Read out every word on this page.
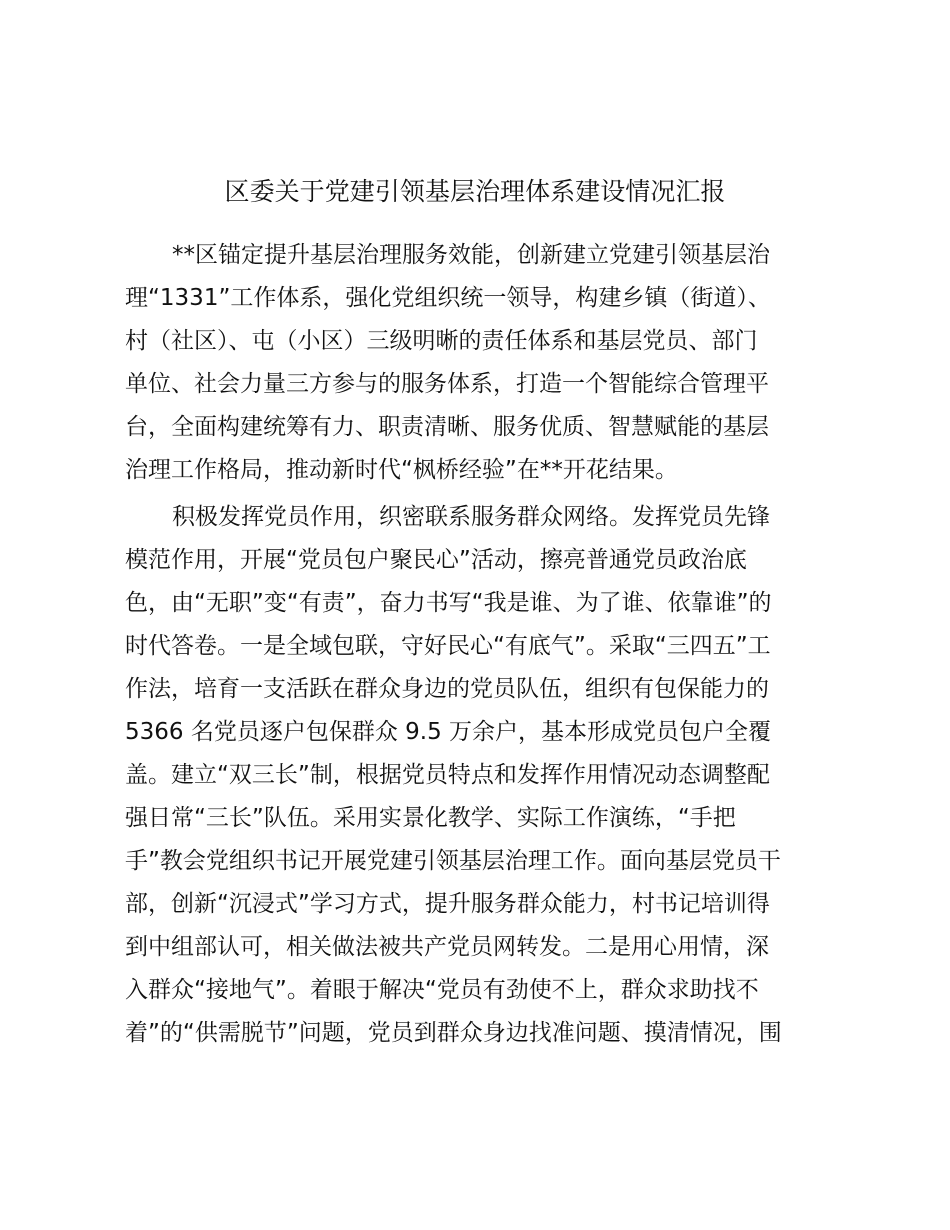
区委关于党建引领基层治理体系建设情况汇报
**区锚定提升基层治理服务效能，创新建立党建引领基层治
理“1331”工作体系，强化党组织统一领导，构建乡镇（街道）、
村（社区）、屯（小区）三级明晰的责任体系和基层党员、部门
单位、社会力量三方参与的服务体系，打造一个智能综合管理平
台，全面构建统筹有力、职责清晰、服务优质、智慧赋能的基层
治理工作格局，推动新时代“枫桥经验”在**开花结果。
积极发挥党员作用，织密联系服务群众网络。发挥党员先锋
模范作用，开展“党员包户聚民心”活动，擦亮普通党员政治底
色，由“无职”变“有责”，奋力书写“我是谁、为了谁、依靠谁”的
时代答卷。一是全域包联，守好民心“有底气”。采取“三四五”工
作法，培育一支活跃在群众身边的党员队伍，组织有包保能力的
5366 名党员逐户包保群众 9.5 万余户，基本形成党员包户全覆
盖。建立“双三长”制，根据党员特点和发挥作用情况动态调整配
强日常“三长”队伍。采用实景化教学、实际工作演练，“手把
手”教会党组织书记开展党建引领基层治理工作。面向基层党员干
部，创新“沉浸式”学习方式，提升服务群众能力，村书记培训得
到中组部认可，相关做法被共产党员网转发。二是用心用情，深
入群众“接地气”。着眼于解决“党员有劲使不上，群众求助找不
着”的“供需脱节”问题，党员到群众身边找准问题、摸清情况，围
